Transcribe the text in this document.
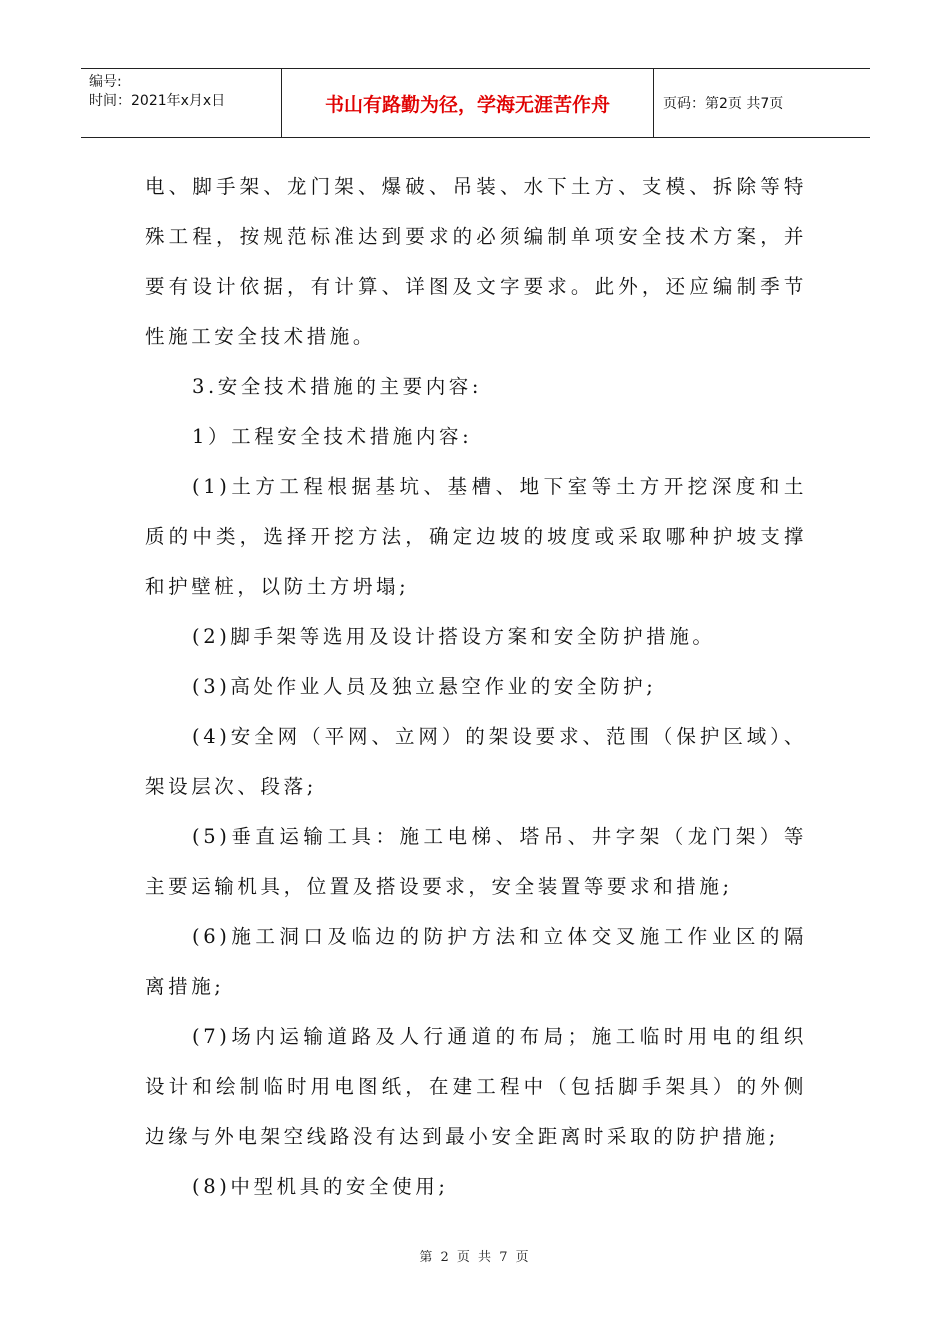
编号:
时间：2021年x月x日	书山有路勤为径，学海无涯苦作舟	页码：第2页 共7页

电、脚手架、龙门架、爆破、吊装、水下土方、支模、拆除等特殊工程，按规范标准达到要求的必须编制单项安全技术方案，并要有设计依据，有计算、详图及文字要求。此外，还应编制季节性施工安全技术措施。

3.安全技术措施的主要内容:

1）工程安全技术措施内容:

(1)土方工程根据基坑、基槽、地下室等土方开挖深度和土质的中类，选择开挖方法，确定边坡的坡度或采取哪种护坡支撑和护壁桩，以防土方坍塌;

(2)脚手架等选用及设计搭设方案和安全防护措施。

(3)高处作业人员及独立悬空作业的安全防护;

(4)安全网（平网、立网）的架设要求、范围（保护区域）、架设层次、段落;

(5)垂直运输工具：施工电梯、塔吊、井字架（龙门架）等主要运输机具，位置及搭设要求，安全装置等要求和措施;

(6)施工洞口及临边的防护方法和立体交叉施工作业区的隔离措施;

(7)场内运输道路及人行通道的布局；施工临时用电的组织设计和绘制临时用电图纸，在建工程中（包括脚手架具）的外侧边缘与外电架空线路没有达到最小安全距离时采取的防护措施;

(8)中型机具的安全使用;

第 2 页 共 7 页
